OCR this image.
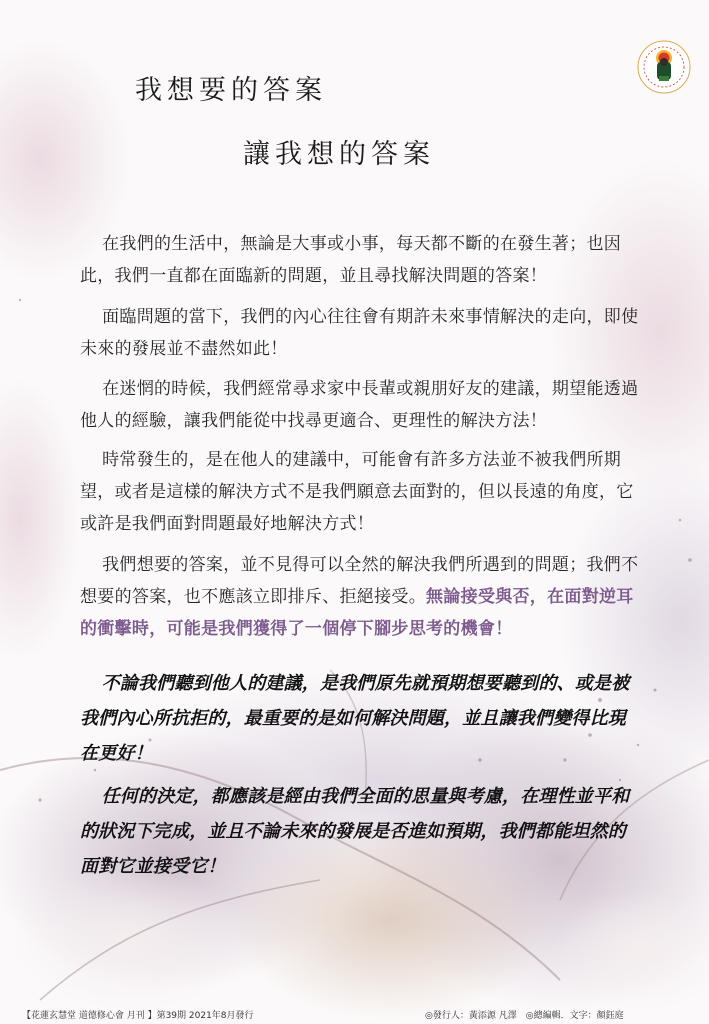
我想要的答案
讓我想的答案

在我們的生活中，無論是大事或小事，每天都不斷的在發生著；也因此，我們一直都在面臨新的問題，並且尋找解決問題的答案！

面臨問題的當下，我們的內心往往會有期許未來事情解決的走向，即使未來的發展並不盡然如此！

在迷惘的時候，我們經常尋求家中長輩或親朋好友的建議，期望能透過他人的經驗，讓我們能從中找尋更適合、更理性的解決方法！

時常發生的，是在他人的建議中，可能會有許多方法並不被我們所期望，或者是這樣的解決方式不是我們願意去面對的，但以長遠的角度，它或許是我們面對問題最好地解決方式！

我們想要的答案，並不見得可以全然的解決我們所遇到的問題；我們不想要的答案，也不應該立即排斥、拒絕接受。無論接受與否，在面對逆耳的衝擊時，可能是我們獲得了一個停下腳步思考的機會！

不論我們聽到他人的建議，是我們原先就預期想要聽到的、或是被我們內心所抗拒的，最重要的是如何解決問題，並且讓我們變得比現在更好！

任何的決定，都應該是經由我們全面的思量與考慮，在理性並平和的狀況下完成，並且不論未來的發展是否進如預期，我們都能坦然的面對它並接受它！

【花蓮玄慧堂 道德修心會 月刊 】第39期 2021年8月發行	◎發行人：黃添源 凡澤　◎總編輯．文字：顏鈺庭
